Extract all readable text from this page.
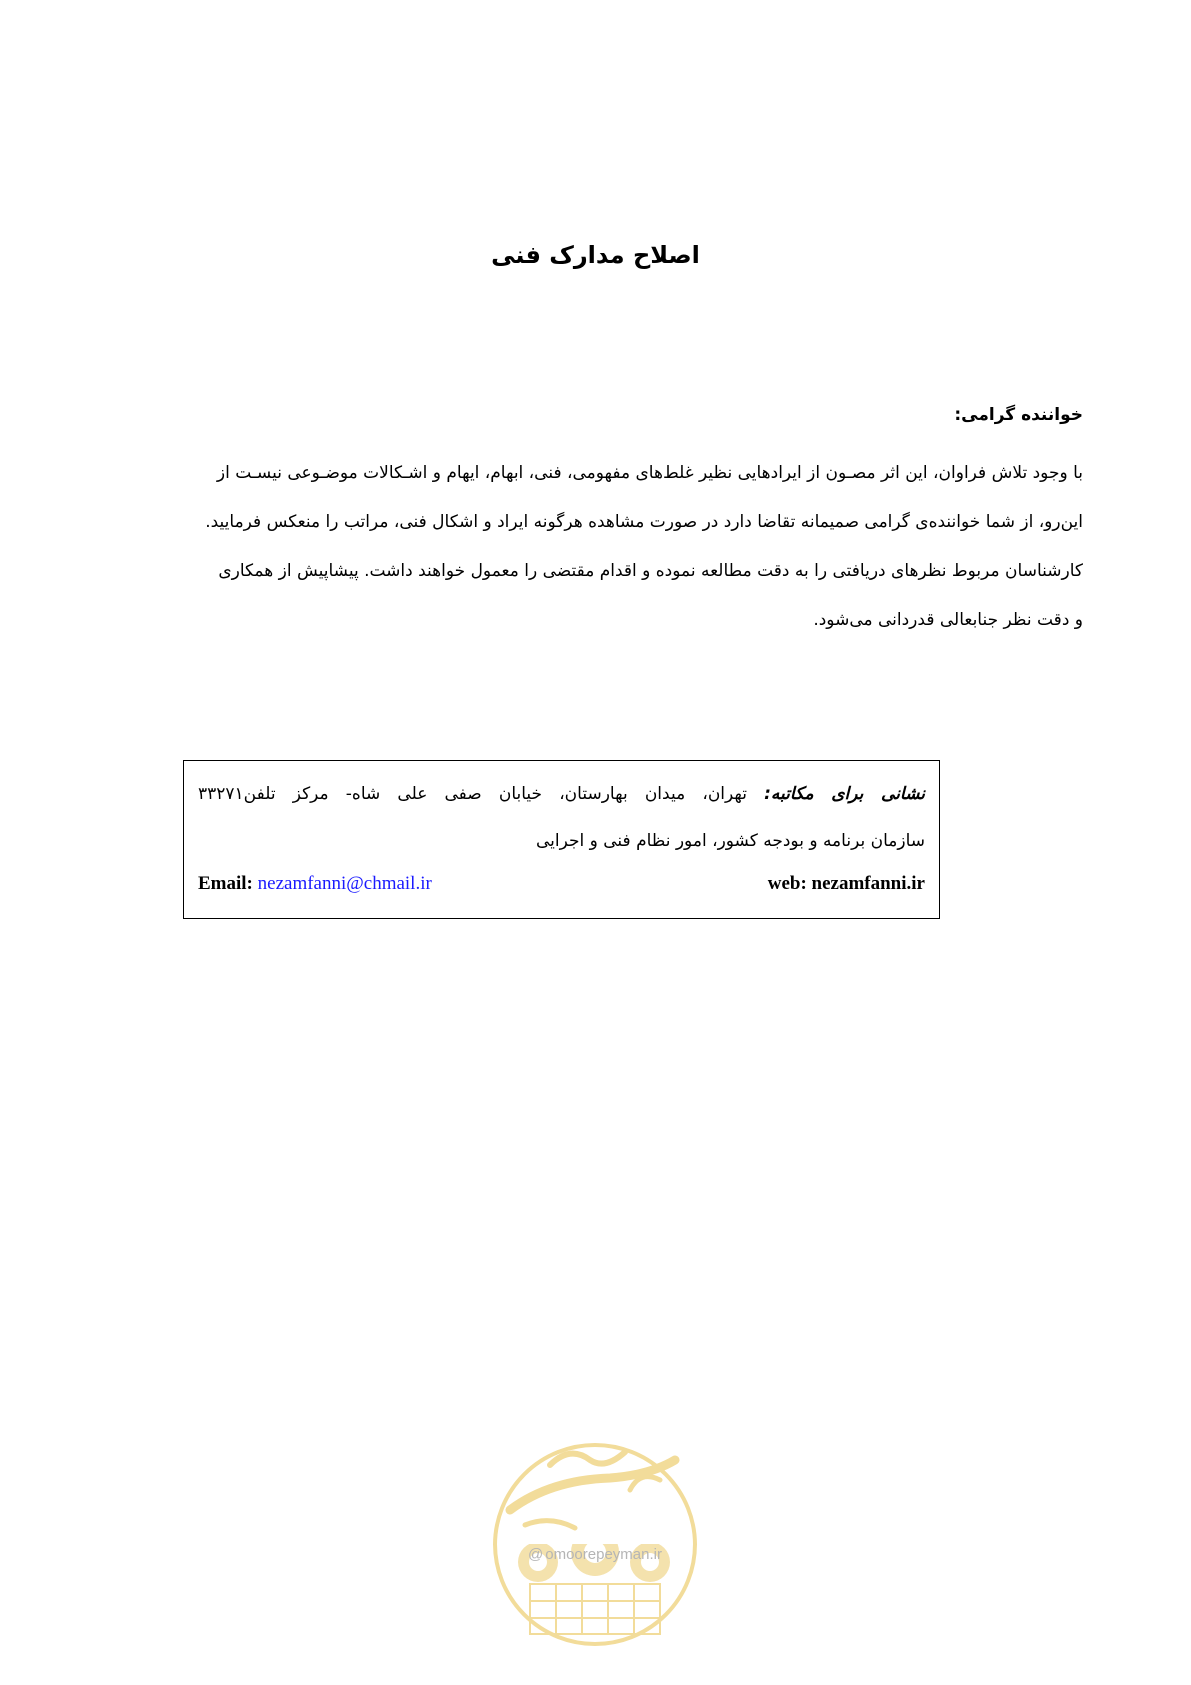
اصلاح مدارک فنی
خواننده گرامی:
با وجود تلاش فراوان، این اثر مصـون از ایرادهایی نظیر غلط‌های مفهومی، فنی، ابهام، ایهام و اشـکالات موضـوعی نیسـت از
این‌رو، از شما خواننده‌ی گرامی صمیمانه تقاضا دارد در صورت مشاهده هرگونه ایراد و اشکال فنی، مراتب را منعکس فرمایید.
کارشناسان مربوط نظرهای دریافتی را به دقت مطالعه نموده و اقدام مقتضی را معمول خواهند داشت. پیشاپیش از همکاری
و دقت نظر جنابعالی قدردانی می‌شود.
نشانی برای مکاتبه: تهران، میدان بهارستان، خیابان صفی علی شاه- مرکز تلفن۳۳۲۷۱
سازمان برنامه و بودجه کشور، امور نظام فنی و اجرایی
Email: nezamfanni@chmail.ir	web: nezamfanni.ir
@ omoorepeyman.ir
